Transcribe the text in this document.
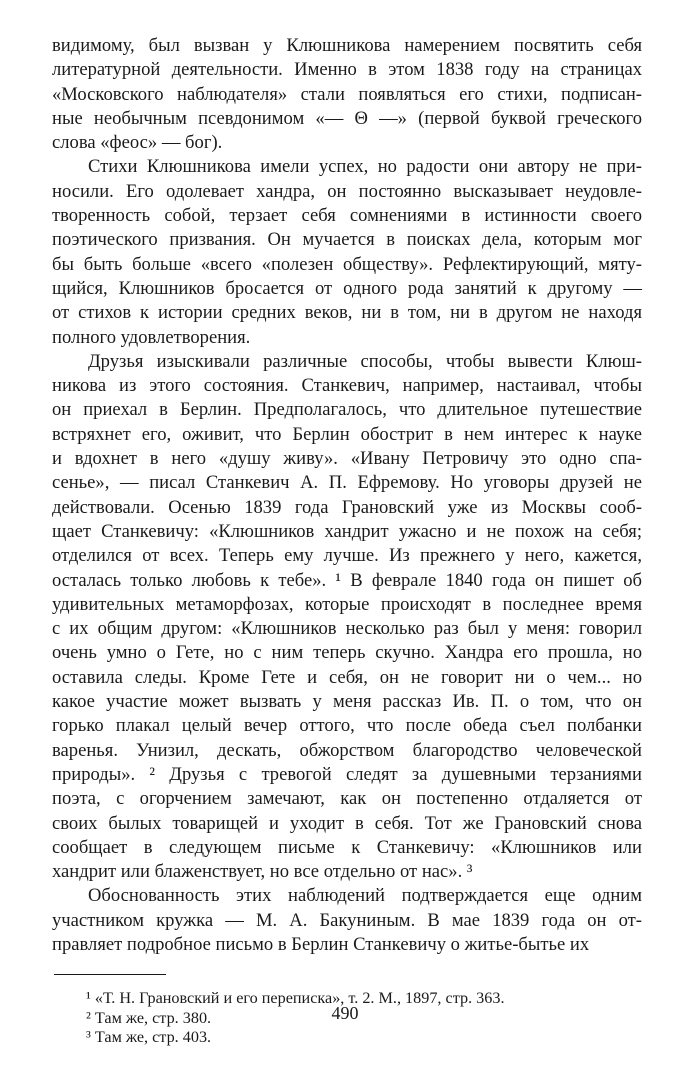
видимому, был вызван у Клюшникова намерением посвятить себя
литературной деятельности. Именно в этом 1838 году на страницах
«Московского наблюдателя» стали появляться его стихи, подписан-
ные необычным псевдонимом «— Θ —» (первой буквой греческого
слова «феос» — бог).
Стихи Клюшникова имели успех, но радости они автору не при-
носили. Его одолевает хандра, он постоянно высказывает неудовле-
творенность собой, терзает себя сомнениями в истинности своего
поэтического призвания. Он мучается в поисках дела, которым мог
бы быть больше «всего «полезен обществу». Рефлектирующий, мяту-
щийся, Клюшников бросается от одного рода занятий к другому —
от стихов к истории средних веков, ни в том, ни в другом не находя
полного удовлетворения.
Друзья изыскивали различные способы, чтобы вывести Клюш-
никова из этого состояния. Станкевич, например, настаивал, чтобы
он приехал в Берлин. Предполагалось, что длительное путешествие
встряхнет его, оживит, что Берлин обострит в нем интерес к науке
и вдохнет в него «душу живу». «Ивану Петровичу это одно спа-
сенье», — писал Станкевич А. П. Ефремову. Но уговоры друзей не
действовали. Осенью 1839 года Грановский уже из Москвы сооб-
щает Станкевичу: «Клюшников хандрит ужасно и не похож на себя;
отделился от всех. Теперь ему лучше. Из прежнего у него, кажется,
осталась только любовь к тебе». ¹ В феврале 1840 года он пишет об
удивительных метаморфозах, которые происходят в последнее время
с их общим другом: «Клюшников несколько раз был у меня: говорил
очень умно о Гете, но с ним теперь скучно. Хандра его прошла, но
оставила следы. Кроме Гете и себя, он не говорит ни о чем... но
какое участие может вызвать у меня рассказ Ив. П. о том, что он
горько плакал целый вечер оттого, что после обеда съел полбанки
варенья. Унизил, дескать, обжорством благородство человеческой
природы». ² Друзья с тревогой следят за душевными терзаниями
поэта, с огорчением замечают, как он постепенно отдаляется от
своих былых товарищей и уходит в себя. Тот же Грановский снова
сообщает в следующем письме к Станкевичу: «Клюшников или
хандрит или блаженствует, но все отдельно от нас». ³
Обоснованность этих наблюдений подтверждается еще одним
участником кружка — М. А. Бакуниным. В мае 1839 года он от-
правляет подробное письмо в Берлин Станкевичу о житье-бытье их
¹ «Т. Н. Грановский и его переписка», т. 2. М., 1897, стр. 363.
² Там же, стр. 380.
³ Там же, стр. 403.
490
